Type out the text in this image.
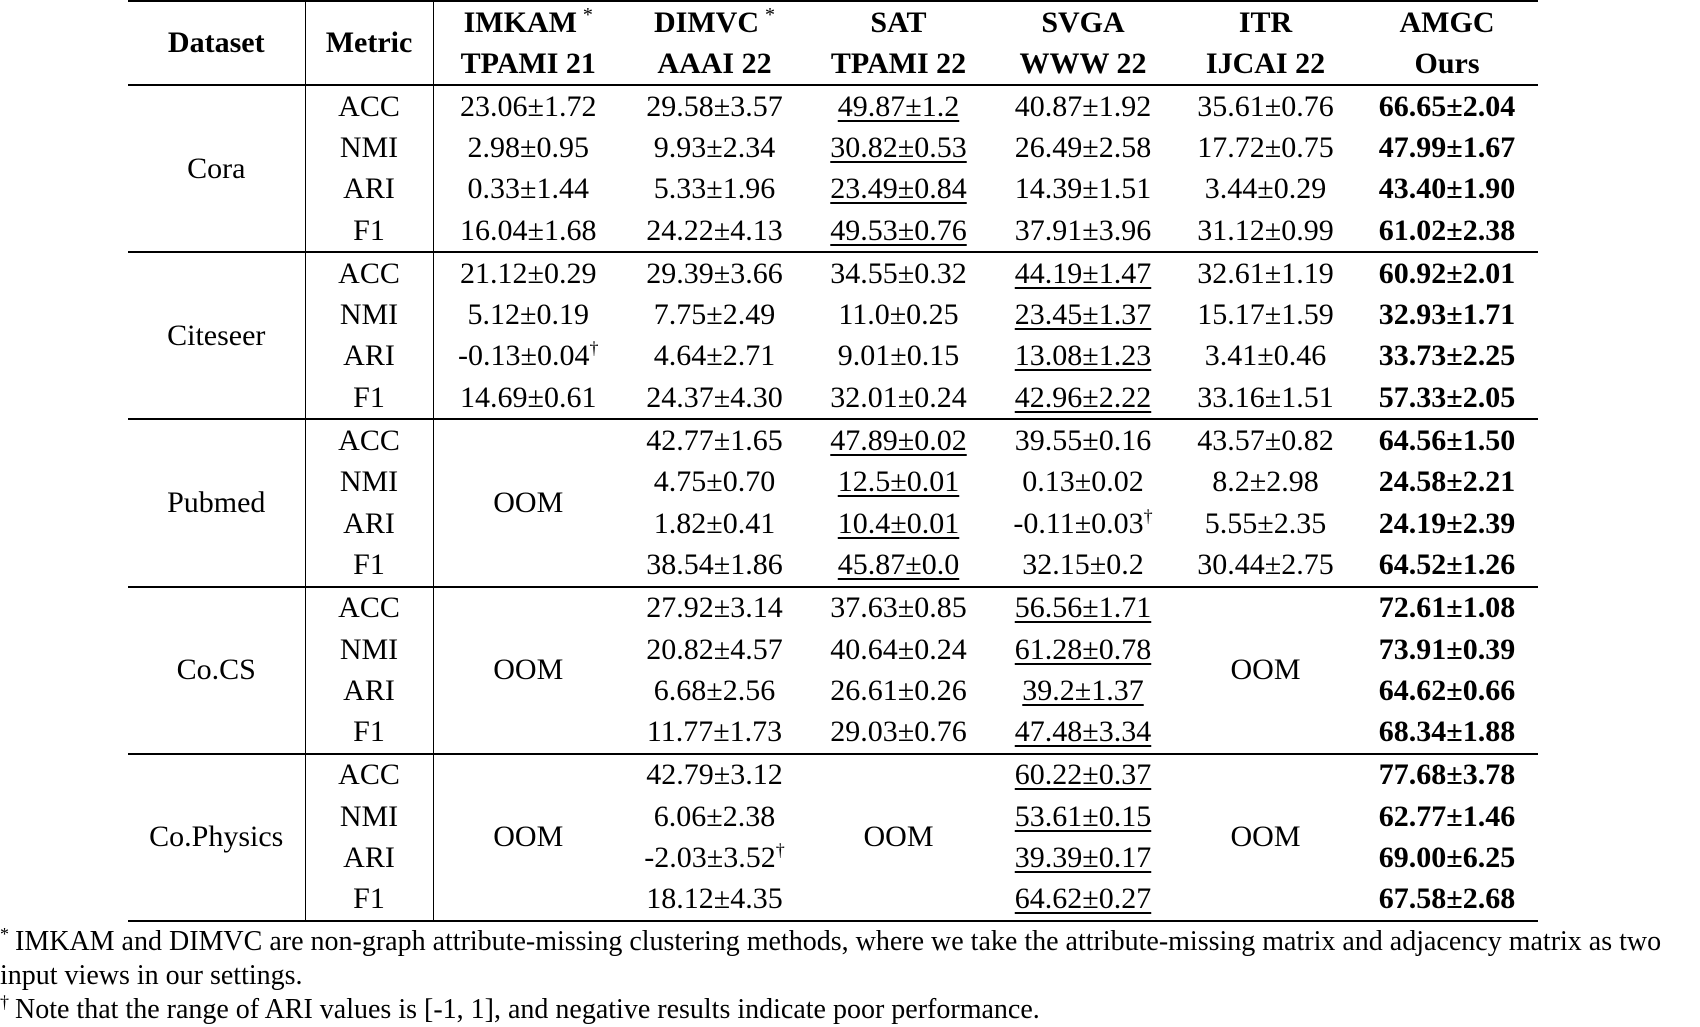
Dataset	Metric	IMKAM *	DIMVC *	SAT	SVGA	ITR	AMGC
		TPAMI 21	AAAI 22	TPAMI 22	WWW 22	IJCAI 22	Ours
Cora	ACC	23.06±1.72	29.58±3.57	49.87±1.2	40.87±1.92	35.61±0.76	66.65±2.04
	NMI	2.98±0.95	9.93±2.34	30.82±0.53	26.49±2.58	17.72±0.75	47.99±1.67
	ARI	0.33±1.44	5.33±1.96	23.49±0.84	14.39±1.51	3.44±0.29	43.40±1.90
	F1	16.04±1.68	24.22±4.13	49.53±0.76	37.91±3.96	31.12±0.99	61.02±2.38
Citeseer	ACC	21.12±0.29	29.39±3.66	34.55±0.32	44.19±1.47	32.61±1.19	60.92±2.01
	NMI	5.12±0.19	7.75±2.49	11.0±0.25	23.45±1.37	15.17±1.59	32.93±1.71
	ARI	-0.13±0.04†	4.64±2.71	9.01±0.15	13.08±1.23	3.41±0.46	33.73±2.25
	F1	14.69±0.61	24.37±4.30	32.01±0.24	42.96±2.22	33.16±1.51	57.33±2.05
Pubmed	ACC	OOM	42.77±1.65	47.89±0.02	39.55±0.16	43.57±0.82	64.56±1.50
	NMI		4.75±0.70	12.5±0.01	0.13±0.02	8.2±2.98	24.58±2.21
	ARI		1.82±0.41	10.4±0.01	-0.11±0.03†	5.55±2.35	24.19±2.39
	F1		38.54±1.86	45.87±0.0	32.15±0.2	30.44±2.75	64.52±1.26
Co.CS	ACC	OOM	27.92±3.14	37.63±0.85	56.56±1.71	OOM	72.61±1.08
	NMI		20.82±4.57	40.64±0.24	61.28±0.78		73.91±0.39
	ARI		6.68±2.56	26.61±0.26	39.2±1.37		64.62±0.66
	F1		11.77±1.73	29.03±0.76	47.48±3.34		68.34±1.88
Co.Physics	ACC	OOM	42.79±3.12	OOM	60.22±0.37	OOM	77.68±3.78
	NMI		6.06±2.38		53.61±0.15		62.77±1.46
	ARI		-2.03±3.52†		39.39±0.17		69.00±6.25
	F1		18.12±4.35		64.62±0.27		67.58±2.68

* IMKAM and DIMVC are non-graph attribute-missing clustering methods, where we take the attribute-missing matrix and adjacency matrix as two input views in our settings.

† Note that the range of ARI values is [-1, 1], and negative results indicate poor performance.
